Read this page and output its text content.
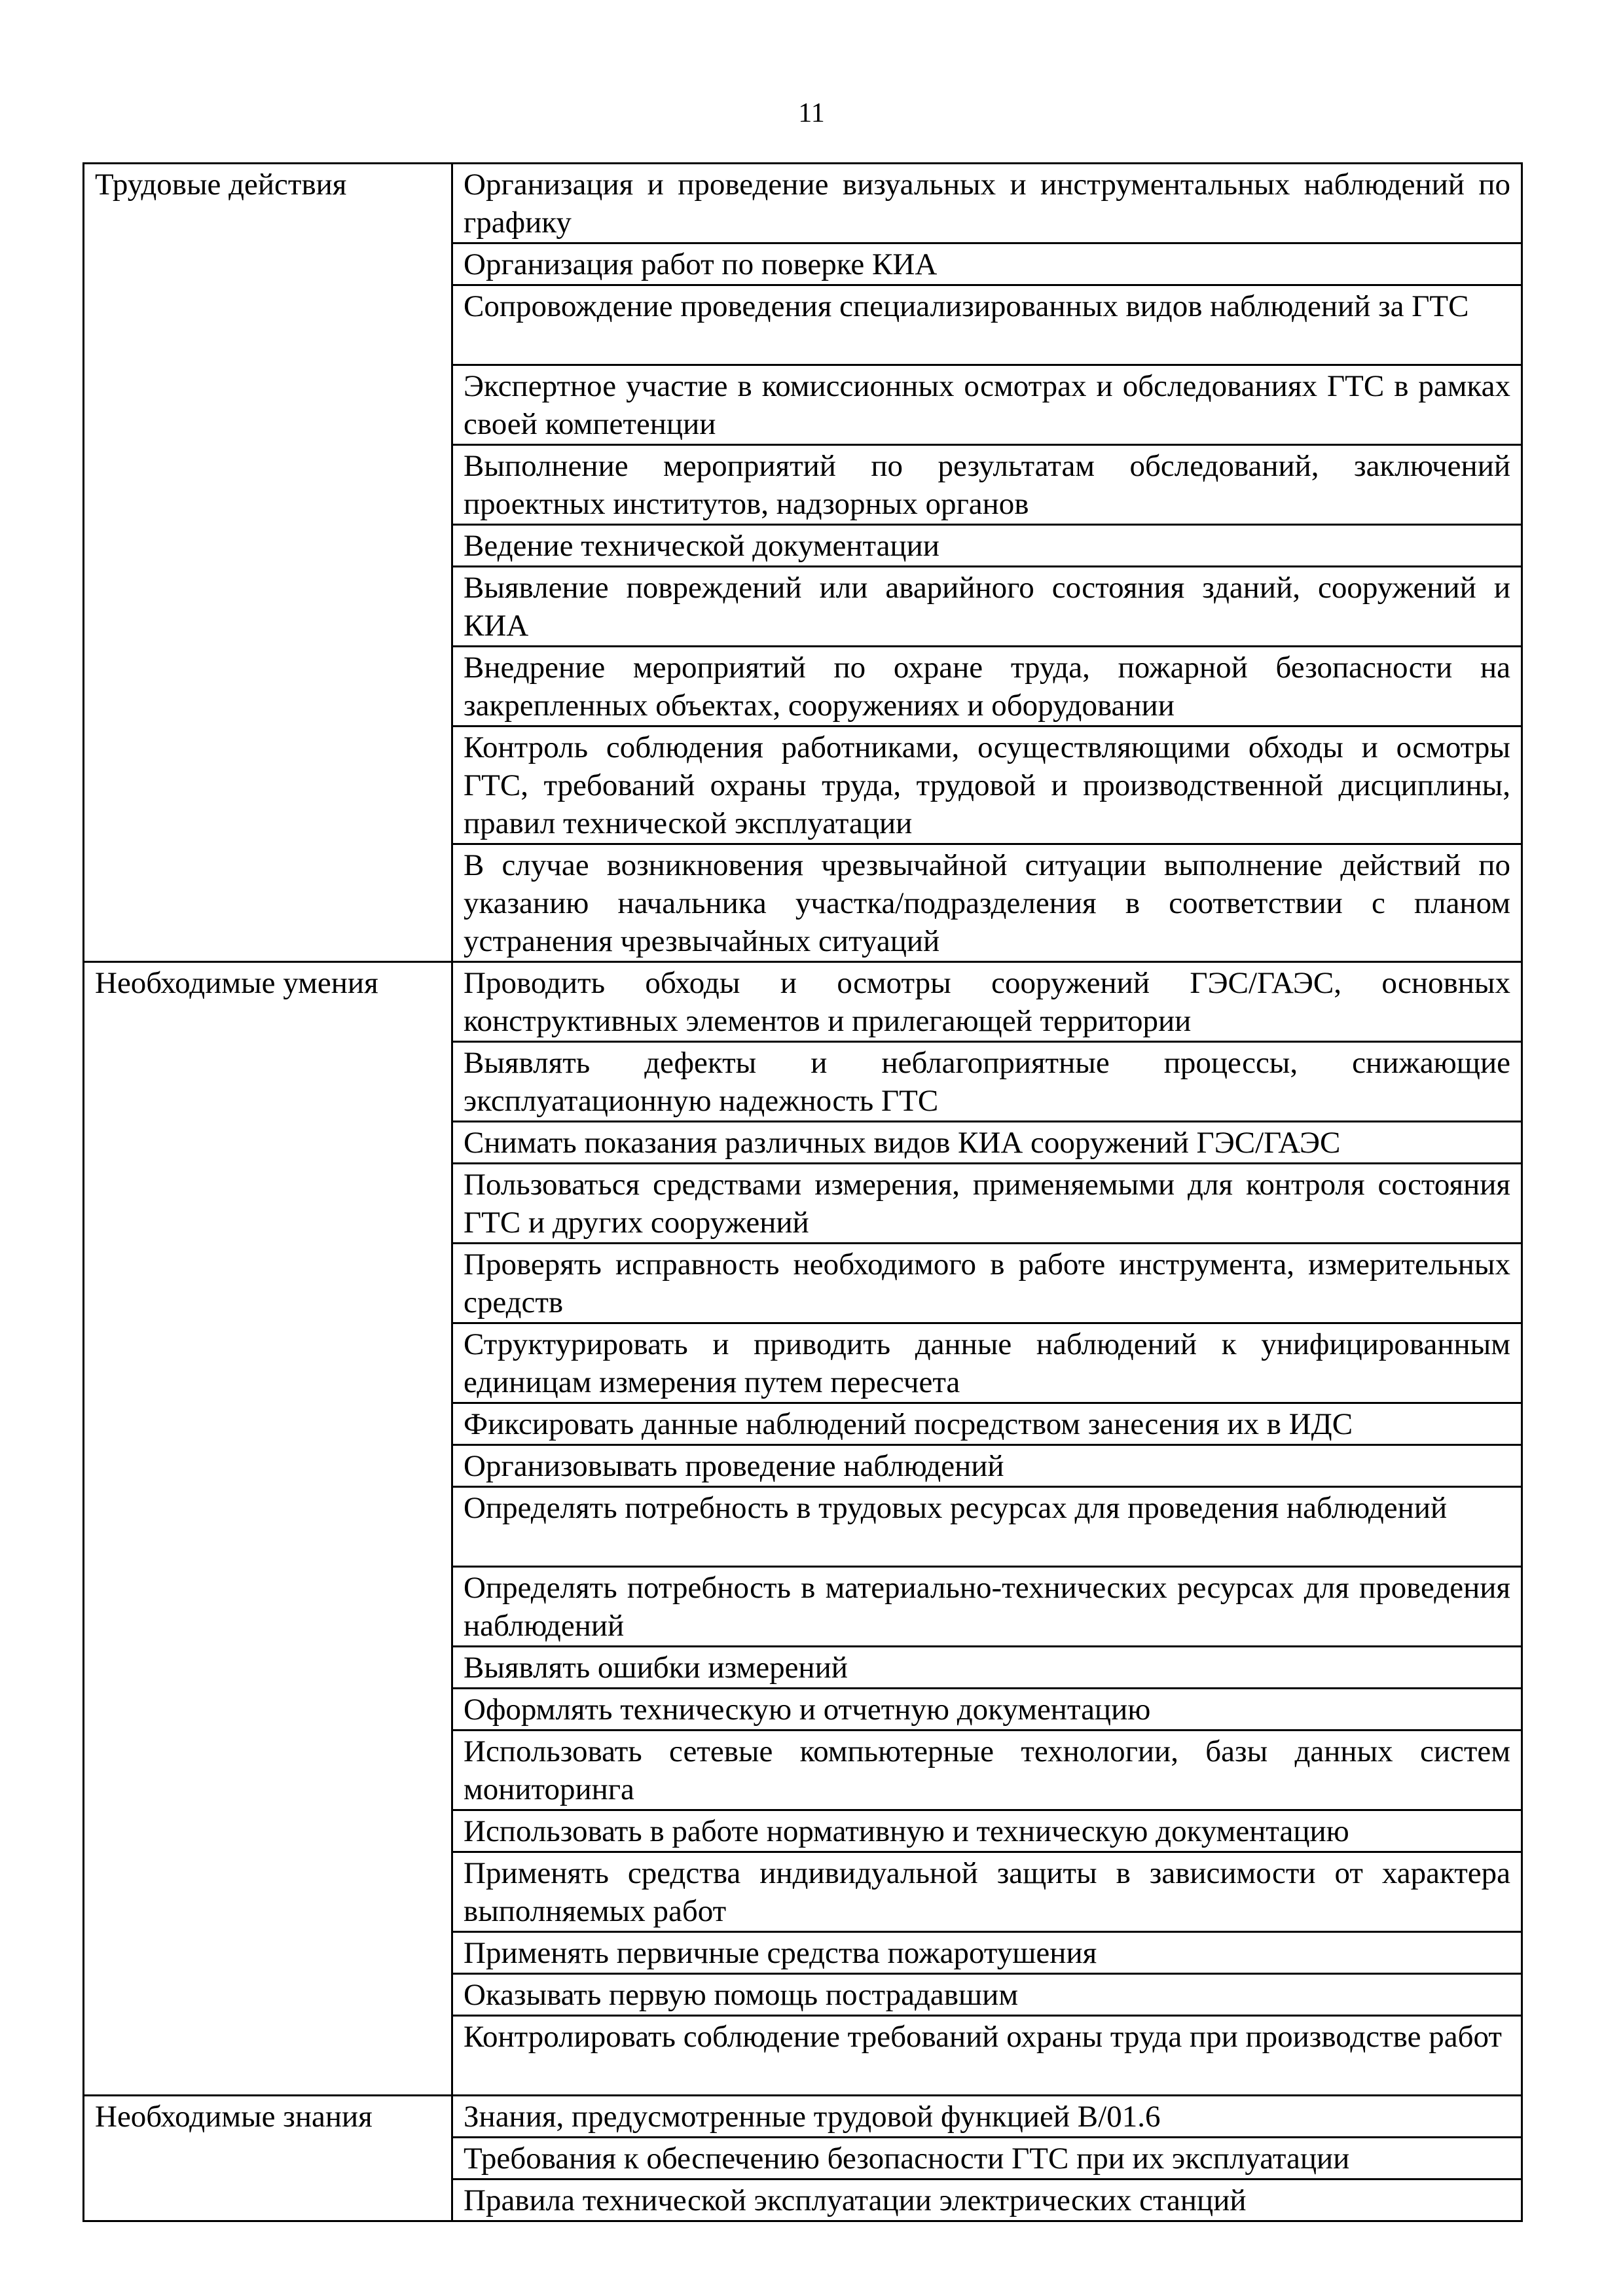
11
Трудовые действия	Организация и проведение визуальных и инструментальных наблюдений по графику

	Организация работ по поверке КИА

	Сопровождение проведения специализированных видов наблюдений за ГТС

	Экспертное участие в комиссионных осмотрах и обследованиях ГТС в рамках своей компетенции

	Выполнение мероприятий по результатам обследований, заключений проектных институтов, надзорных органов

	Ведение технической документации

	Выявление повреждений или аварийного состояния зданий, сооружений и КИА

	Внедрение мероприятий по охране труда, пожарной безопасности на закрепленных объектах, сооружениях и оборудовании

	Контроль соблюдения работниками, осуществляющими обходы и осмотры ГТС, требований охраны труда, трудовой и производственной дисциплины, правил технической эксплуатации

	В случае возникновения чрезвычайной ситуации выполнение действий по указанию начальника участка/подразделения в соответствии с планом устранения чрезвычайных ситуаций

Необходимые умения	Проводить обходы и осмотры сооружений ГЭС/ГАЭС, основных конструктивных элементов и прилегающей территории

	Выявлять дефекты и неблагоприятные процессы, снижающие эксплуатационную надежность ГТС

	Снимать показания различных видов КИА сооружений ГЭС/ГАЭС

	Пользоваться средствами измерения, применяемыми для контроля состояния ГТС и других сооружений

	Проверять исправность необходимого в работе инструмента, измерительных средств

	Структурировать и приводить данные наблюдений к унифицированным единицам измерения путем пересчета

	Фиксировать данные наблюдений посредством занесения их в ИДС

	Организовывать проведение наблюдений

	Определять потребность в трудовых ресурсах для проведения наблюдений

	Определять потребность в материально-технических ресурсах для проведения наблюдений

	Выявлять ошибки измерений

	Оформлять техническую и отчетную документацию

	Использовать сетевые компьютерные технологии, базы данных систем мониторинга

	Использовать в работе нормативную и техническую документацию

	Применять средства индивидуальной защиты в зависимости от характера выполняемых работ

	Применять первичные средства пожаротушения

	Оказывать первую помощь пострадавшим

	Контролировать соблюдение требований охраны труда при производстве работ

Необходимые знания	Знания, предусмотренные трудовой функцией В/01.6

	Требования к обеспечению безопасности ГТС при их эксплуатации

	Правила технической эксплуатации электрических станций
